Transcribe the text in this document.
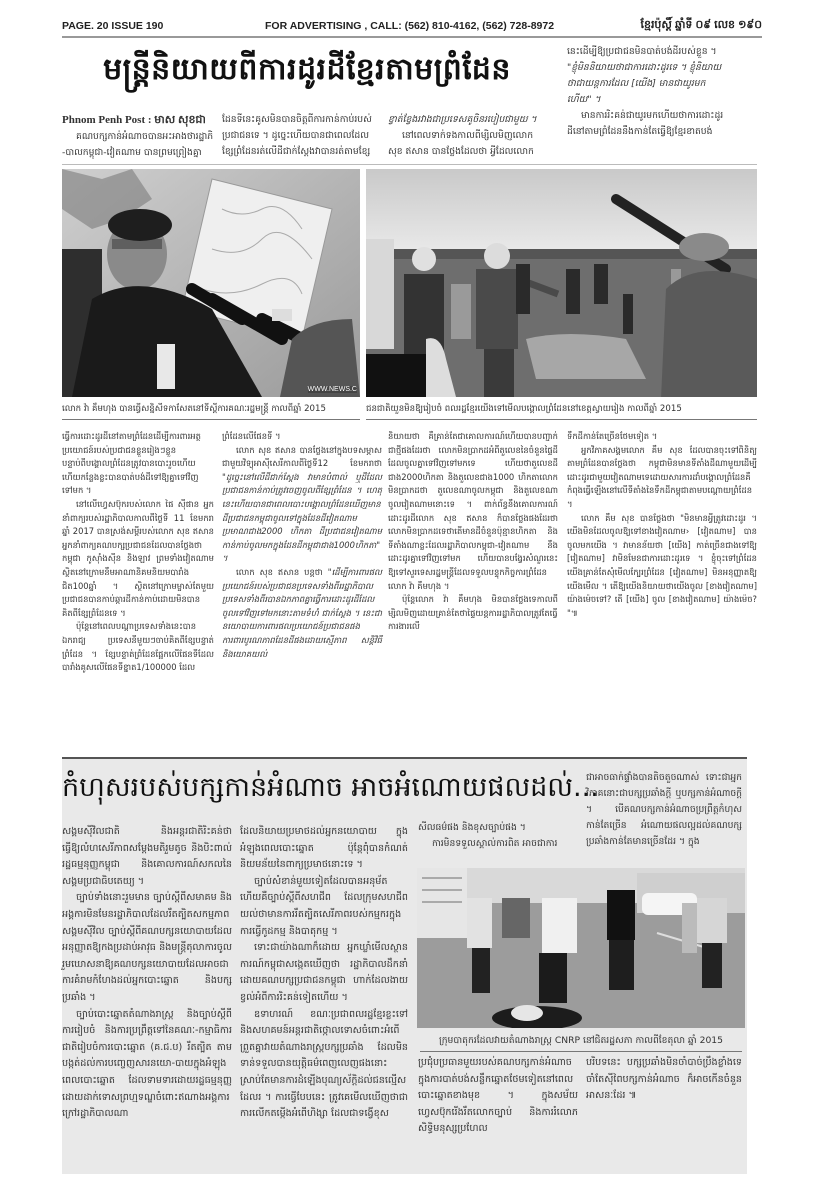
PAGE. 20 ISSUE 190	FOR ADVERTISING , CALL: (562) 810-4162, (562) 728-8972	ខ្មែរប៉ុស្ដិ៍ ឆ្នាំទី ០៩ លេខ ១៩០
មន្ត្រីនិយាយពីការដូរដីខ្មែរតាមព្រំដែន

នេះដើម្បីឱ្យប្រជាជនមិនបាត់បង់ដីរបស់ខ្លួន ។

"ខ្ញុំមិននិយាយថាជាការដោះដូរទេ ។ ខ្ញុំនិយាយ

ថាជាយន្តការដែល [យើង] មានជាយូរមក

ហើយ" ។

មានការរិះគន់ជាយូរមកហើយថាការដោះដូរ

ដីនៅតាមព្រំដែននឹងកាន់តែធ្វើឱ្យខ្មែរខាតបង់

Phnom Penh Post : មាស សុខជា

គណបក្សកាន់អំណាចបានអះអាងថារដ្ឋាភិ

-បាលកម្ពុជា-វៀតណាម បានព្រមព្រៀងគ្នា

ដែនទីនេះគូសមិនបានចិត្តពីការកាន់កាប់របស់

ប្រជាជនទេ ។ ដូច្នេះហើយបានជាពេលដែល

ខ្សែព្រំដែនរត់លើដីជាក់ស្ដែងវាបានរត់តាមខ្សែ

ខ្វាត់ខ្វែងរវាងជាប្រទេសគូចិនរបៀបជាមួយ ។

នៅពេលទាក់ទងកាលពីម្សិលមិញលោក

សុខ ឥសាន បានថ្លែងដែលថា អ្វីដែលលោក

WWW.NEWS.C
លោក វ៉ា គឹមហុង បានធ្វើសន្និសីទកាសែតនៅទីស្ដីការគណៈរដ្ឋមន្ត្រី កាលពីឆ្នាំ 2015	ជនជាតិយួនមិនឱ្យរៀបចំ ពលរដ្ឋខ្មែរយើងទៅមើលបង្គោលព្រំដែននៅខេត្តស្វាយរៀង កាលពីឆ្នាំ 2015

ធ្វើការដោះដូរដីនៅតាមព្រំដែនដើម្បីការពារអត្ថប្រយោជន៍របស់ប្រជាជនខ្លួនរៀងៗខ្លួន បន្ទាប់ពីបង្គោលព្រំដែនត្រូវបានបោះរួចហើយ ហើយកន្លែងខ្លះបានបាត់បង់ដីទៅឱ្យគ្នាទៅវិញទៅមក ។

នៅលើហ្វេសប៊ុករបស់លោក ផៃ ស៊ីផាន អ្នកនាំពាក្យរបស់រដ្ឋាភិបាលកាលពីថ្ងៃទី 11 ខែមករា ឆ្នាំ 2017 បានស្រង់សម្ដីរបស់លោក សុខ ឥសាន អ្នកនាំពាក្យគណបក្សប្រជាជនដែលបានថ្លែងថាកម្ពុជា កូស៊ាំងស៊ីន និងឡាវ ព្រមទាំងវៀតណាមស្ថិតនៅក្រោមនឹមអាណានិគមនិយមបារាំងជិត100ឆ្នាំ ។ ស្ថិតនៅក្រោមម្ចាស់តែមួយ ប្រជាជនបានកាប់ឆ្ការដីកាន់កាប់ដោយមិនបានគិតពីខ្សែព្រំដែនទេ ។

ប៉ុន្តែនៅពេលបណ្ដាប្រទេសទាំងនេះបានឯករាជ្យ ប្រទេសនីមួយៗចាប់គិតពីខ្សែបន្ទាត់ព្រំដែន ។ ខ្សែបន្ទាត់ព្រំដែនផ្អែកលើផែនទីដែលបារាំងគូសលើផែនទីខ្នាត1/100000 ដែល

ព្រំដែនលើផែនទី ។

លោក សុខ ឥសាន បានថ្លែងនៅក្នុងបទសម្ភាសជាមួយវិទ្យុអាស៊ីសេរីកាលពីថ្ងៃទី12 ខែមករាថា "ដូច្នេះនៅលើដីជាក់ស្ដែង វាមានបំពាល់ ឬដីដែលប្រជាជនកាន់កាប់ត្រូវចេញចូលពីខ្សែព្រំដែន ។ ហេតុនេះហើយបានជាពេលបោះបង្គោលព្រំដែនឃើញមានដីប្រជាជនកម្ពុជាចូលទៅក្នុងដែនដីវៀតណាមប្រមាណជាង2000 ហិកតា ដីប្រជាជនវៀតណាមកាន់កាប់ចូលមកក្នុងដែនដីកម្ពុជាជាង1000ហិកតា" ។

លោក សុខ ឥសាន បន្តថា "ដើម្បីការពារផលប្រយោជន៍របស់ប្រជាជនប្រទេសទាំងពីររដ្ឋាភិបាលប្រទេសទាំងពីរបានឯកភាពគ្នាធ្វើការដោះដូរដីដែលចូលទៅវិញទៅមកនោះតាមទំហំ ជាក់ស្ដែង ។ នេះជានយោបាយការពារផលប្រយោជន៍ប្រជាជនផង ការពារបូរណភាពដែនដីផងដោយស្មើភាព សន្តិវិធី និងយោគយល់

និយាយថា គឺគ្រាន់តែជាគោលការណ៍ហើយបានបញ្ជាក់ជាថ្មីផងដែរថា លោកមិនប្រាកដអំពីតួលេខនៃចំនួនផ្ទៃដីដែលចូលគ្នាទៅវិញទៅមកទេ ហើយថាតួលេខដីជាង2000ហិកតា និងតួលេខជាង1000 ហិកតាលោកមិនប្រាកដថា តួលេខណាចូលកម្ពុជា និងតួលេខណាចូលវៀតណាមនោះទេ ។ ពាក់ព័ន្ធនឹងគោលការណ៍ដោះដូរដីលោក សុខ ឥសាន ក៏បានថ្លែងផងដែរថា លោកមិនប្រាកដទេថាតើមានដីចំនួនប៉ុន្មានហិកតា និងទីតាំងណាខ្លះដែលរដ្ឋាភិបាលកម្ពុជា-វៀតណាម នឹងដោះដូរគ្នាទៅវិញទៅមក ហើយបានបង្វែរសំណួរនេះឱ្យទៅសួរទេសរដ្ឋមន្ត្រីដែលទទួលបន្ទុកកិច្ចការព្រំដែនលោក វ៉ា គឹមហុង ។

ប៉ុន្តែលោក វ៉ា គឹមហុង មិនបានថ្លែងទេកាលពីម្សិលមិញដោយគ្រាន់តែថាផ្ទៃយន្តការរដ្ឋាភិបាលត្រូវតែធ្វើការងារលើ

ទឹកដីកាន់តែច្រើនថែមទៀត ។

អ្នកវិភាគសង្គមលោក គឹម សុខ ដែលបានចុះទៅពិនិត្យតាមព្រំដែនបានថ្លែងថា កម្ពុជាមិនមានទីតាំងដីណាមួយដើម្បីដោះដូរជាមួយវៀតណាមទេដោយសារការដាំបង្គោលព្រំដែនគឺកំពុងធ្វើឡើងនៅលើទីតាំងនៃទឹកដីកម្ពុជាតាមបណ្ដោយព្រំដែន ។

លោក គឹម សុខ បានថ្លែងថា "មិនមានអ្វីត្រូវដោះដូរ ។ យើងមិនដែលចូលឱ្យទៅខាងវៀតណាម› [វៀតណាម] បានចូលមកយើង ។ វាមានន័យថា [យើង] កាត់ច្រើនជាងទៅឱ្យ [វៀតណាម] វាមិនមែនជាការដោះដូរទេ ។ ខ្ញុំចុះទៅព្រំដែនយើងគ្រាន់តែសុំមើលក្បែរព្រំដែន [វៀតណាម] មិនអនុញ្ញាតឱ្យយើងមើល ។ តើឱ្យយើងនិយាយថាយើងចូល [ខាងវៀតណាម] យ៉ាងម៉េចទៅ? តើ [យើង] ចូល [ខាងវៀតណាម] យ៉ាងម៉េច? "៕

កំហុសរបស់បក្សកាន់អំណាច អាចអំណោយផលដល់...

ជាអាចធាក់ផ្ទាំងបានតិចតួចណាស់ ទោះជាអ្នកវិភាគនោះជាបក្សប្រឆាំងក្ដី ឬបក្សកាន់អំណាចក្ដី ។ បើគណបក្សកាន់អំណាចប្រព្រឹត្តកំហុសកាន់តែច្រើន អំណោយផលល្អដល់គណបក្សប្រឆាំងកាន់តែមានច្រើនដែរ ។ ក្នុង

សង្គមស៊ីវិលជាតិ និងអន្តរជាតិរិះគន់ថា ធ្វើឱ្យលំហសេរីភាពសម្ដែងមតិរួមតូច និងបិះពាល់រដ្ឋធម្មនុញ្ញកម្ពុជា និងគោលការណ៍សកលនៃសង្គមប្រជាធិបតេយ្យ ។

ច្បាប់ទាំងនោះរួមមាន ច្បាប់ស្ដីពីសមាគម និងអង្គការមិនមែនរដ្ឋាភិបាលដែលរឹតត្បិតសកម្មភាពសង្គមស៊ីវិល ច្បាប់ស្ដីពីគណបក្សនយោបាយដែលអនុញ្ញាតឱ្យកងប្រដាប់អាវុធ និងមន្ត្រីតុលាការចូលរួមឃោសនាឱ្យគណបក្សនយោបាយដែលអាចជាការគំរាមកំហែងដល់អ្នកបោះឆ្នោត និងបក្សប្រឆាំង ។

ច្បាប់បោះឆ្នោតតំណាងរាស្ត្រ និងច្បាប់ស្ដីពីការរៀបចំ និងការប្រព្រឹត្តទៅនៃគណៈ-កម្មាធិការជាតិរៀបចំការបោះឆ្នោត (គ.ជ.ប) រឹតត្បិត តាមបង្កត់ដល់ការបញ្ចេញសារនយោ-បាយក្នុងអំឡុងពេលបោះឆ្នោត ដែលទាមទារដោយរដ្ឋធម្មនុញ្ញ ដោយដាក់ទោសព្រហ្មទណ្ឌចំពោះឥណាងអង្គការក្រៅរដ្ឋាភិបាលណា

ដែលនិយាយប្រមាថដល់អ្នកនយោបាយ ក្នុងអំឡុងពេលបោះឆ្នោត ប៉ុន្តែពុំបានកំណត់និយមន័យនៃពាក្យប្រមាថនោះទេ ។

ច្បាប់សំខាន់មួយទៀតដែលបានអនុម័តហើយគឺច្បាប់ស្ដីពីសហជីព ដែលក្រុមសហជីពយល់ថាមានការរឹតត្បិតសេរីភាពរបស់កម្មករក្នុងការធ្វើកូដកម្ម និងបាតុកម្ម ។

ទោះជាយ៉ាងណាក៏ដោយ អ្នកឃ្លាំមើលស្ថានការណ៍កម្ពុជាសង្កេតឃើញថា រដ្ឋាភិបាលដឹកនាំដោយគណបក្សប្រជាជនកម្ពុជា ហាក់ដែលងាយខ្វល់អំពីការរិះគន់ទៀតហើយ ។

ឧទាហរណ៍ ខណៈប្រជាពលរដ្ឋខ្មែរខ្លះទៅនិងសហគមន៍អន្តរជាតិថ្កោលទោសចំពោះអំពើព្រួតគ្នាវាយតំណាងរាស្ត្របក្សប្រឆាំង ដែលមិនទាន់ទទួលបានយុត្តិធម៌ពេញលេញផងនោះស្រាប់តែមានការដំឡើងបុណ្យស័ក្ដិដល់ជនល្មើសដែលរ ។ ការធ្វើបែបនេះ ត្រូវគេមើលឃើញថាជាការលើកតម្កើងអំពើហិង្សា ដែលជាទង្វើខុស

សីលធម៌ផង និងខុសច្បាប់ផង ។

ការមិនទទួលស្គាល់ការពិត អាចជាការ

ក្រុមបាតុករដែលវាយតំណាងរាស្ត្រ CNRP នៅជិតរដ្ឋសភា កាលពីខែតុលា ឆ្នាំ 2015

ប្រជុំបប្រធានមួយរបស់គណបក្សកាន់អំណាចក្នុងការបាត់បង់សន្លឹកឆ្នោតថែមទៀតនៅពេលបោះឆ្នោតខាងមុខ ។ ក្នុងសម័យហ្វេសប៊ុករើងរឹតលោកច្បាប់ និងការរំលោភសិទ្ធិមនុស្សប្រហែល

បរិបទនេះ បក្សប្រឆាំងមិនចាំបាច់ប្រឹងខ្លាំងទេចាំតែស៊ីពៃបក្សកាន់អំណាច ក៏អាចកើនចំនួនអាសនៈដែរ ៕
